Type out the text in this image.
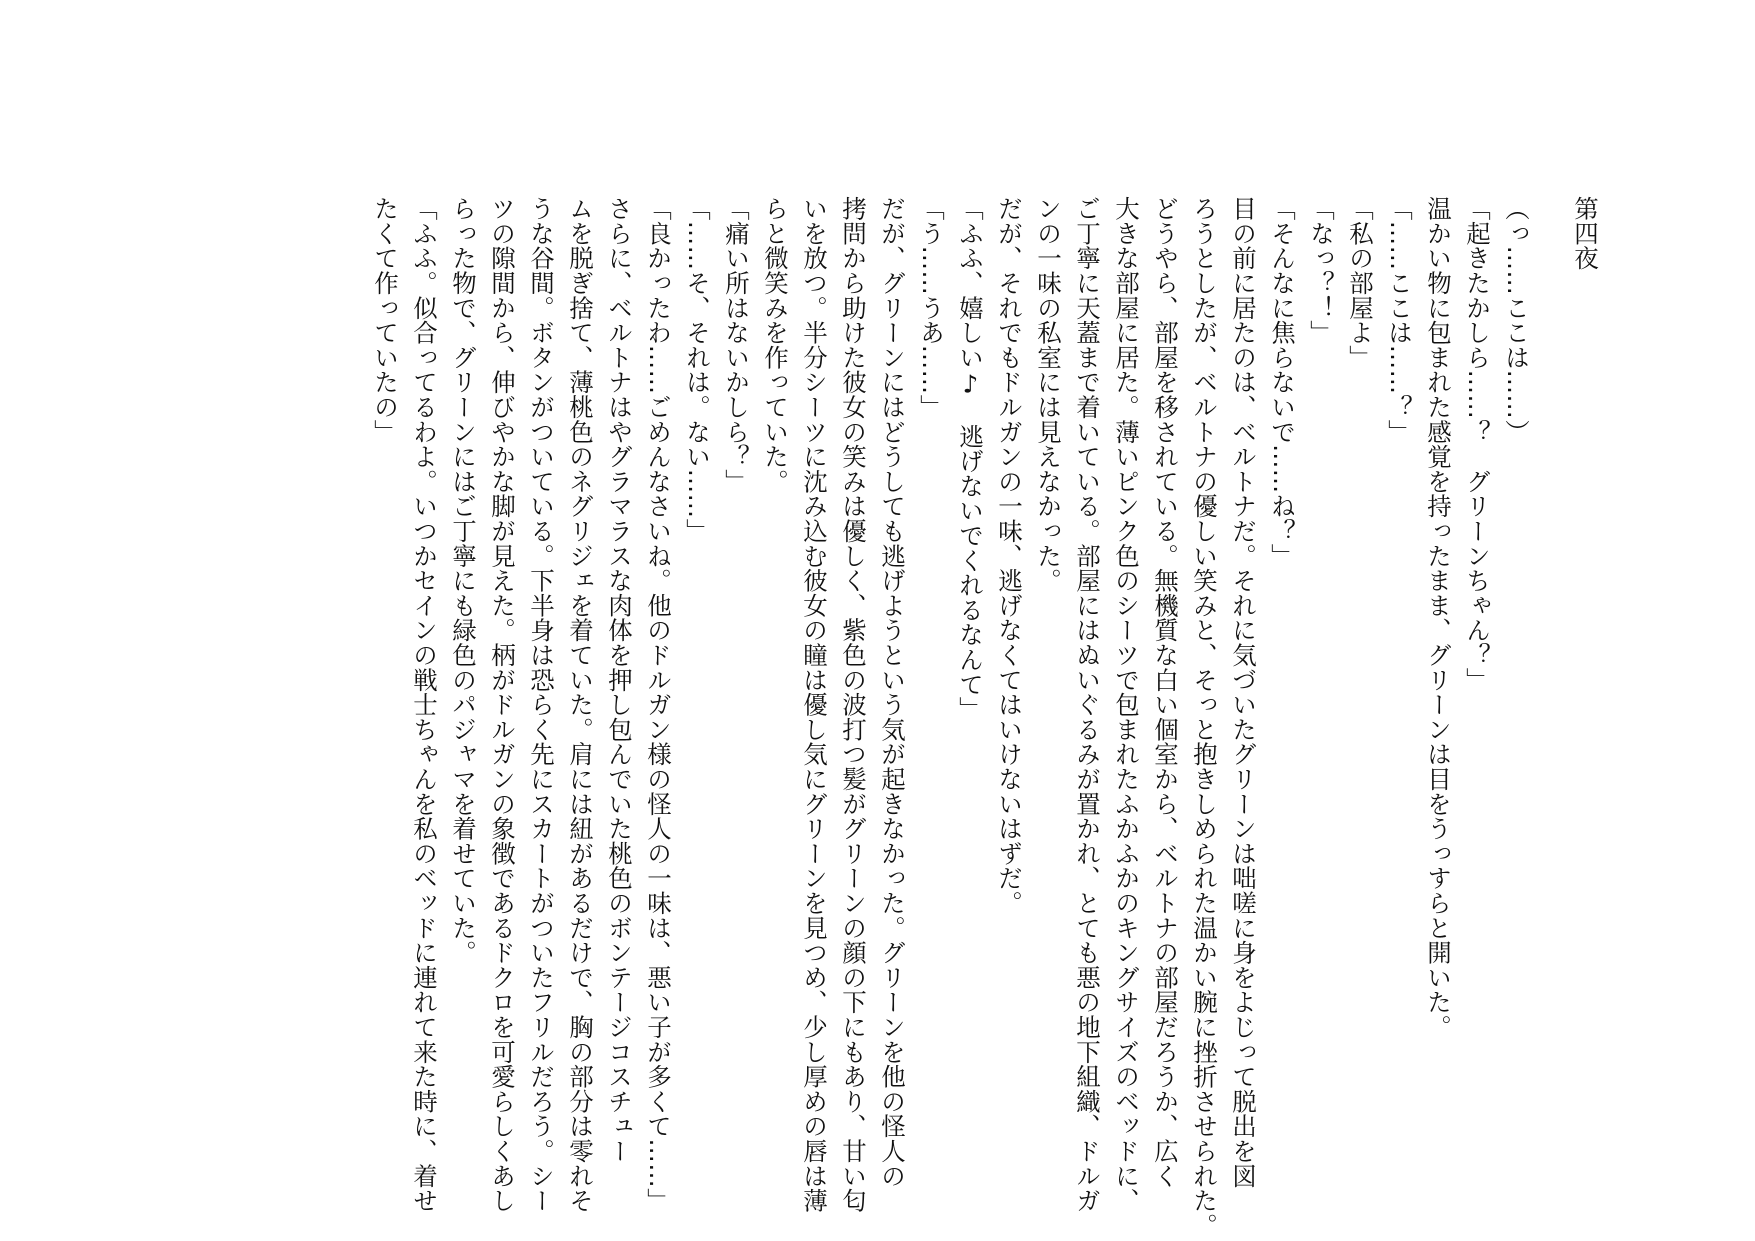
第四夜
（っ……ここは……）
「起きたかしら……？　グリーンちゃん？」
温かい物に包まれた感覚を持ったまま、グリーンは目をうっすらと開いた。
「……ここは……？」
「私の部屋よ」
「なっ？！」
「そんなに焦らないで……ね？」
目の前に居たのは、ベルトナだ。それに気づいたグリーンは咄嗟に身をよじって脱出を図
ろうとしたが、ベルトナの優しい笑みと、そっと抱きしめられた温かい腕に挫折させられた。
どうやら、部屋を移されている。無機質な白い個室から、ベルトナの部屋だろうか、広く
大きな部屋に居た。薄いピンク色のシーツで包まれたふかふかのキングサイズのベッドに、
ご丁寧に天蓋まで着いている。部屋にはぬいぐるみが置かれ、とても悪の地下組織、ドルガ
ンの一味の私室には見えなかった。
だが、それでもドルガンの一味、逃げなくてはいけないはずだ。
「ふふ、嬉しい♪　逃げないでくれるなんて」
「う……うあ……」
だが、グリーンにはどうしても逃げようという気が起きなかった。グリーンを他の怪人の
拷問から助けた彼女の笑みは優しく、紫色の波打つ髪がグリーンの顔の下にもあり、甘い匂
いを放つ。半分シーツに沈み込む彼女の瞳は優し気にグリーンを見つめ、少し厚めの唇は薄
らと微笑みを作っていた。
「痛い所はないかしら？」
「……そ、それは。ない……」
「良かったわ……ごめんなさいね。他のドルガン様の怪人の一味は、悪い子が多くて……」
さらに、ベルトナはやグラマラスな肉体を押し包んでいた桃色のボンテージコスチュー
ムを脱ぎ捨て、薄桃色のネグリジェを着ていた。肩には紐があるだけで、胸の部分は零れそ
うな谷間。ボタンがついている。下半身は恐らく先にスカートがついたフリルだろう。シー
ツの隙間から、伸びやかな脚が見えた。柄がドルガンの象徴であるドクロを可愛らしくあし
らった物で、グリーンにはご丁寧にも緑色のパジャマを着せていた。
「ふふ。似合ってるわよ。いつかセインの戦士ちゃんを私のベッドに連れて来た時に、着せ
たくて作っていたの」
